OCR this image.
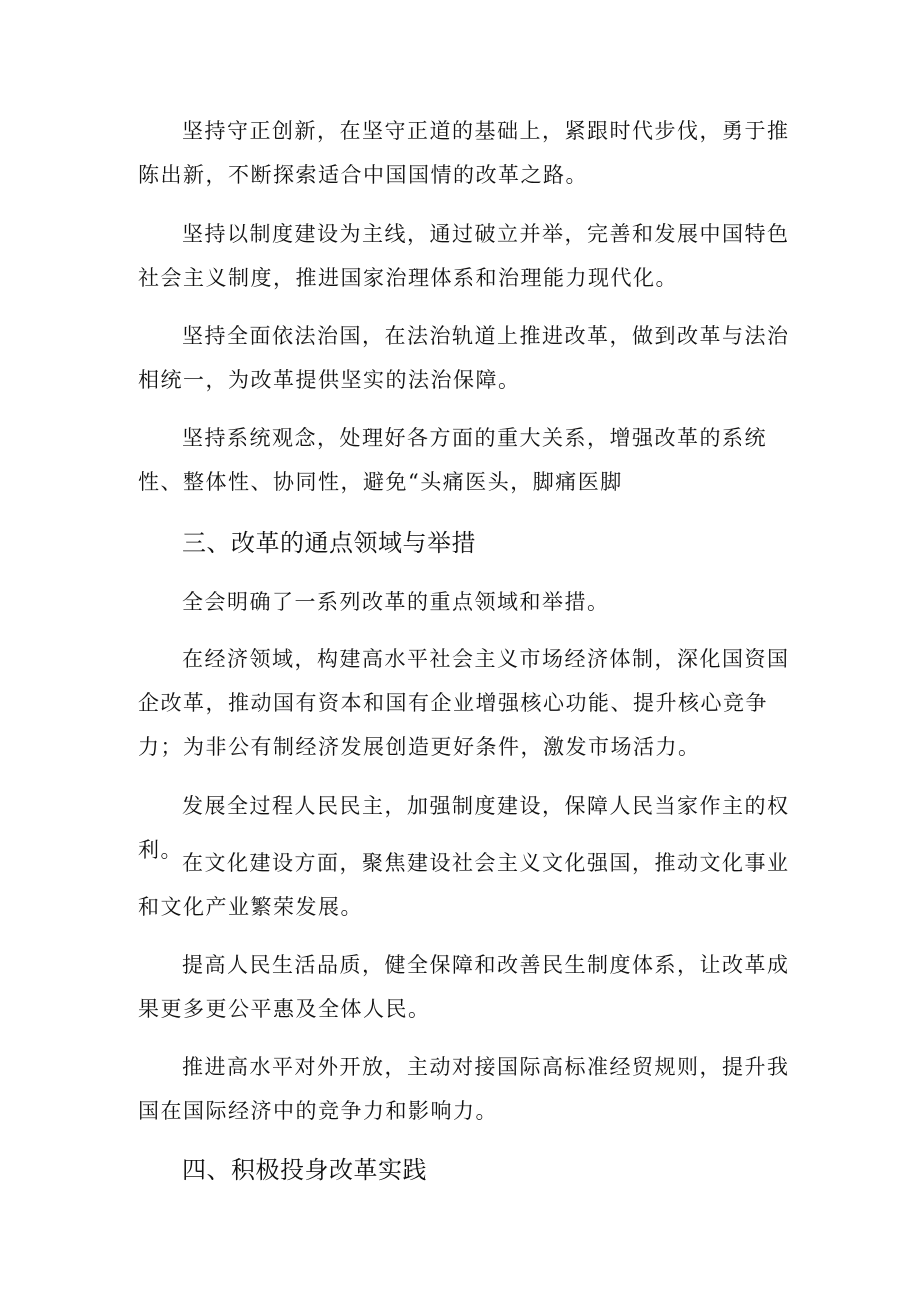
坚持守正创新，在坚守正道的基础上，紧跟时代步伐，勇于推陈出新，不断探索适合中国国情的改革之路。

坚持以制度建设为主线，通过破立并举，完善和发展中国特色社会主义制度，推进国家治理体系和治理能力现代化。

坚持全面依法治国，在法治轨道上推进改革，做到改革与法治相统一，为改革提供坚实的法治保障。

坚持系统观念，处理好各方面的重大关系，增强改革的系统性、整体性、协同性，避免“头痛医头，脚痛医脚

三、改革的通点领域与举措

全会明确了一系列改革的重点领域和举措。

在经济领域，构建高水平社会主义市场经济体制，深化国资国企改革，推动国有资本和国有企业增强核心功能、提升核心竞争力；为非公有制经济发展创造更好条件，激发市场活力。

发展全过程人民民主，加强制度建设，保障人民当家作主的权利。

在文化建设方面，聚焦建设社会主义文化强国，推动文化事业和文化产业繁荣发展。

提高人民生活品质，健全保障和改善民生制度体系，让改革成果更多更公平惠及全体人民。

推进高水平对外开放，主动对接国际高标准经贸规则，提升我国在国际经济中的竞争力和影响力。

四、积极投身改革实践
